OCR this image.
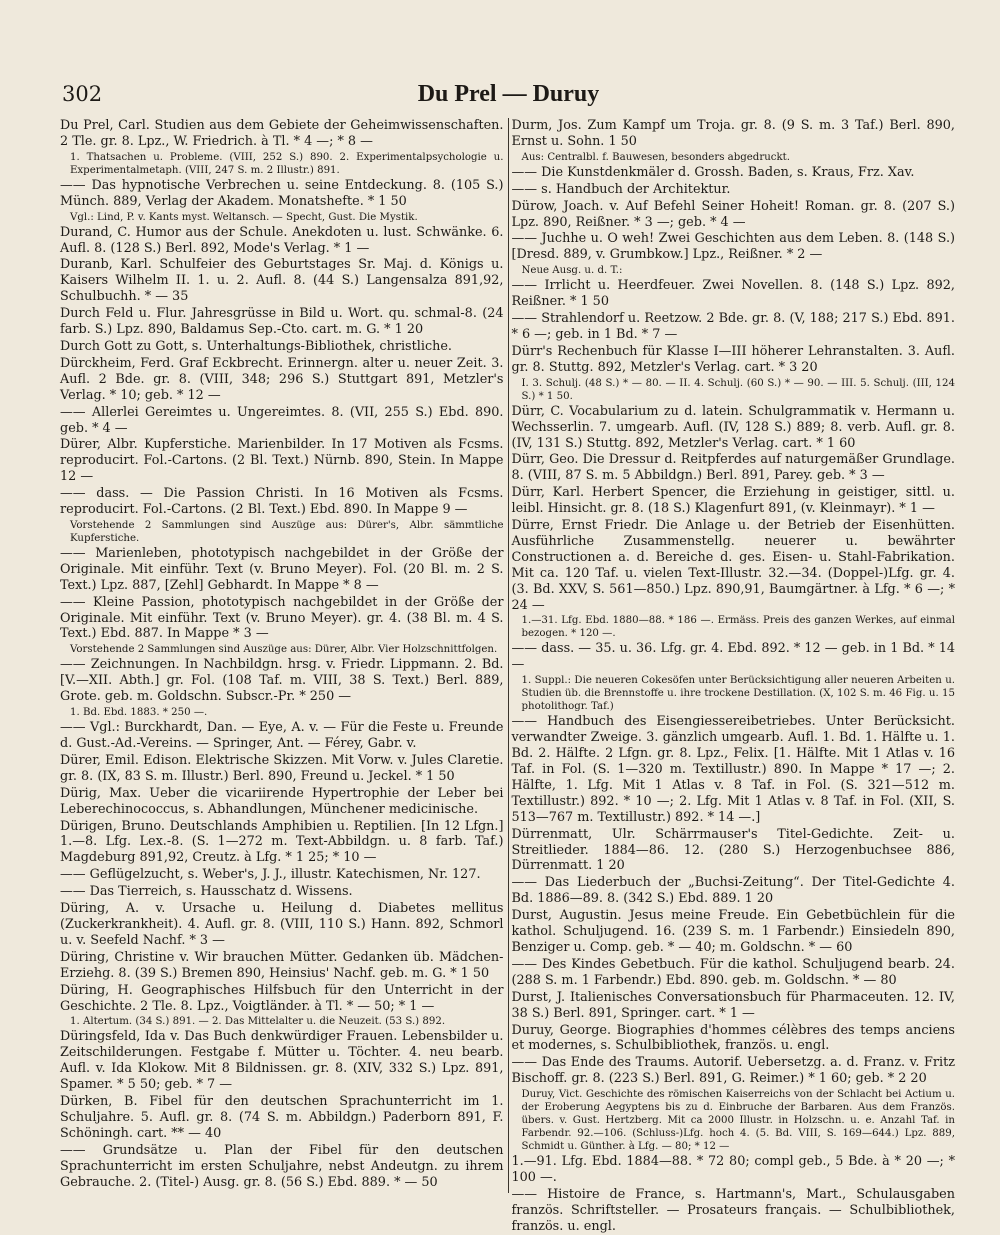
302	Du Prel — Duruy

Du Prel, Carl. Studien aus dem Gebiete der Geheimwissenschaften. 2 Tle. gr. 8. Lpz., W. Friedrich. à Tl. * 4 —; * 8 —

1. Thatsachen u. Probleme. (VIII, 252 S.) 890. 2. Experimentalpsychologie u. Experimentalmetaph. (VIII, 247 S. m. 2 Illustr.) 891.

—— Das hypnotische Verbrechen u. seine Entdeckung. 8. (105 S.) Münch. 889, Verlag der Akadem. Monatshefte. * 1 50

Vgl.: Lind, P. v. Kants myst. Weltansch. — Specht, Gust. Die Mystik.

Durand, C. Humor aus der Schule. Anekdoten u. lust. Schwänke. 6. Aufl. 8. (128 S.) Berl. 892, Mode's Verlag. * 1 —

Duranb, Karl. Schulfeier des Geburtstages Sr. Maj. d. Königs u. Kaisers Wilhelm II. 1. u. 2. Aufl. 8. (44 S.) Langensalza 891,92, Schulbuchh. * — 35

Durch Feld u. Flur. Jahresgrüsse in Bild u. Wort. qu. schmal-8. (24 farb. S.) Lpz. 890, Baldamus Sep.-Cto. cart. m. G. * 1 20

Durch Gott zu Gott, s. Unterhaltungs-Bibliothek, christliche.

Dürckheim, Ferd. Graf Eckbrecht. Erinnergn. alter u. neuer Zeit. 3. Aufl. 2 Bde. gr. 8. (VIII, 348; 296 S.) Stuttgart 891, Metzler's Verlag. * 10; geb. * 12 —

—— Allerlei Gereimtes u. Ungereimtes. 8. (VII, 255 S.) Ebd. 890. geb. * 4 —

Dürer, Albr. Kupferstiche. Marienbilder. In 17 Motiven als Fcsms. reproducirt. Fol.-Cartons. (2 Bl. Text.) Nürnb. 890, Stein. In Mappe 12 —

—— dass. — Die Passion Christi. In 16 Motiven als Fcsms. reproducirt. Fol.-Cartons. (2 Bl. Text.) Ebd. 890. In Mappe 9 —

Vorstehende 2 Sammlungen sind Auszüge aus: Dürer's, Albr. sämmtliche Kupferstiche.

—— Marienleben, phototypisch nachgebildet in der Größe der Originale. Mit einführ. Text (v. Bruno Meyer). Fol. (20 Bl. m. 2 S. Text.) Lpz. 887, [Zehl] Gebhardt. In Mappe * 8 —

—— Kleine Passion, phototypisch nachgebildet in der Größe der Originale. Mit einführ. Text (v. Bruno Meyer). gr. 4. (38 Bl. m. 4 S. Text.) Ebd. 887. In Mappe * 3 —

Vorstehende 2 Sammlungen sind Auszüge aus: Dürer, Albr. Vier Holzschnittfolgen.

—— Zeichnungen. In Nachbildgn. hrsg. v. Friedr. Lippmann. 2. Bd. [V.—XII. Abth.] gr. Fol. (108 Taf. m. VIII, 38 S. Text.) Berl. 889, Grote. geb. m. Goldschn. Subscr.-Pr. * 250 —

1. Bd. Ebd. 1883. * 250 —.

—— Vgl.: Burckhardt, Dan. — Eye, A. v. — Für die Feste u. Freunde d. Gust.-Ad.-Vereins. — Springer, Ant. — Férey, Gabr. v.

Dürer, Emil. Edison. Elektrische Skizzen. Mit Vorw. v. Jules Claretie. gr. 8. (IX, 83 S. m. Illustr.) Berl. 890, Freund u. Jeckel. * 1 50

Dürig, Max. Ueber die vicariirende Hypertrophie der Leber bei Leberechinococcus, s. Abhandlungen, Münchener medicinische.

Dürigen, Bruno. Deutschlands Amphibien u. Reptilien. [In 12 Lfgn.] 1.—8. Lfg. Lex.-8. (S. 1—272 m. Text-Abbildgn. u. 8 farb. Taf.) Magdeburg 891,92, Creutz. à Lfg. * 1 25; * 10 —

—— Geflügelzucht, s. Weber's, J. J., illustr. Katechismen, Nr. 127.

—— Das Tierreich, s. Hausschatz d. Wissens.

Düring, A. v. Ursache u. Heilung d. Diabetes mellitus (Zuckerkrankheit). 4. Aufl. gr. 8. (VIII, 110 S.) Hann. 892, Schmorl u. v. Seefeld Nachf. * 3 —

Düring, Christine v. Wir brauchen Mütter. Gedanken üb. Mädchen-Erziehg. 8. (39 S.) Bremen 890, Heinsius' Nachf. geb. m. G. * 1 50

Düring, H. Geographisches Hilfsbuch für den Unterricht in der Geschichte. 2 Tle. 8. Lpz., Voigtländer. à Tl. * — 50; * 1 —

1. Altertum. (34 S.) 891. — 2. Das Mittelalter u. die Neuzeit. (53 S.) 892.

Düringsfeld, Ida v. Das Buch denkwürdiger Frauen. Lebensbilder u. Zeitschilderungen. Festgabe f. Mütter u. Töchter. 4. neu bearb. Aufl. v. Ida Klokow. Mit 8 Bildnissen. gr. 8. (XIV, 332 S.) Lpz. 891, Spamer. * 5 50; geb. * 7 —

Dürken, B. Fibel für den deutschen Sprachunterricht im 1. Schuljahre. 5. Aufl. gr. 8. (74 S. m. Abbildgn.) Paderborn 891, F. Schöningh. cart. ** — 40

—— Grundsätze u. Plan der Fibel für den deutschen Sprachunterricht im ersten Schuljahre, nebst Andeutgn. zu ihrem Gebrauche. 2. (Titel-) Ausg. gr. 8. (56 S.) Ebd. 889. * — 50

Durm, Jos. Zum Kampf um Troja. gr. 8. (9 S. m. 3 Taf.) Berl. 890, Ernst u. Sohn. 1 50

Aus: Centralbl. f. Bauwesen, besonders abgedruckt.

—— Die Kunstdenkmäler d. Grossh. Baden, s. Kraus, Frz. Xav.

—— s. Handbuch der Architektur.

Dürow, Joach. v. Auf Befehl Seiner Hoheit! Roman. gr. 8. (207 S.) Lpz. 890, Reißner. * 3 —; geb. * 4 —

—— Juchhe u. O weh! Zwei Geschichten aus dem Leben. 8. (148 S.) [Dresd. 889, v. Grumbkow.] Lpz., Reißner. * 2 —

Neue Ausg. u. d. T.:

—— Irrlicht u. Heerdfeuer. Zwei Novellen. 8. (148 S.) Lpz. 892, Reißner. * 1 50

—— Strahlendorf u. Reetzow. 2 Bde. gr. 8. (V, 188; 217 S.) Ebd. 891. * 6 —; geb. in 1 Bd. * 7 —

Dürr's Rechenbuch für Klasse I—III höherer Lehranstalten. 3. Aufl. gr. 8. Stuttg. 892, Metzler's Verlag. cart. * 3 20

I. 3. Schulj. (48 S.) * — 80. — II. 4. Schulj. (60 S.) * — 90. — III. 5. Schulj. (III, 124 S.) * 1 50.

Dürr, C. Vocabularium zu d. latein. Schulgrammatik v. Hermann u. Wechsserlin. 7. umgearb. Aufl. (IV, 128 S.) 889; 8. verb. Aufl. gr. 8. (IV, 131 S.) Stuttg. 892, Metzler's Verlag. cart. * 1 60

Dürr, Geo. Die Dressur d. Reitpferdes auf naturgemäßer Grundlage. 8. (VIII, 87 S. m. 5 Abbildgn.) Berl. 891, Parey. geb. * 3 —

Dürr, Karl. Herbert Spencer, die Erziehung in geistiger, sittl. u. leibl. Hinsicht. gr. 8. (18 S.) Klagenfurt 891, (v. Kleinmayr). * 1 —

Dürre, Ernst Friedr. Die Anlage u. der Betrieb der Eisenhütten. Ausführliche Zusammenstellg. neuerer u. bewährter Constructionen a. d. Bereiche d. ges. Eisen- u. Stahl-Fabrikation. Mit ca. 120 Taf. u. vielen Text-Illustr. 32.—34. (Doppel-)Lfg. gr. 4. (3. Bd. XXV, S. 561—850.) Lpz. 890,91, Baumgärtner. à Lfg. * 6 —; * 24 —

1.—31. Lfg. Ebd. 1880—88. * 186 —. Ermäss. Preis des ganzen Werkes, auf einmal bezogen. * 120 —.

—— dass. — 35. u. 36. Lfg. gr. 4. Ebd. 892. * 12 — geb. in 1 Bd. * 14 —

1. Suppl.: Die neueren Cokesöfen unter Berücksichtigung aller neueren Arbeiten u. Studien üb. die Brennstoffe u. ihre trockene Destillation. (X, 102 S. m. 46 Fig. u. 15 photolithogr. Taf.)

—— Handbuch des Eisengiessereibetriebes. Unter Berücksicht. verwandter Zweige. 3. gänzlich umgearb. Aufl. 1. Bd. 1. Hälfte u. 1. Bd. 2. Hälfte. 2 Lfgn. gr. 8. Lpz., Felix. [1. Hälfte. Mit 1 Atlas v. 16 Taf. in Fol. (S. 1—320 m. Textillustr.) 890. In Mappe * 17 —; 2. Hälfte, 1. Lfg. Mit 1 Atlas v. 8 Taf. in Fol. (S. 321—512 m. Textillustr.) 892. * 10 —; 2. Lfg. Mit 1 Atlas v. 8 Taf. in Fol. (XII, S. 513—767 m. Textillustr.) 892. * 14 —.]

Dürrenmatt, Ulr. Schärrmauser's Titel-Gedichte. Zeit- u. Streitlieder. 1884—86. 12. (280 S.) Herzogenbuchsee 886, Dürrenmatt. 1 20

—— Das Liederbuch der „Buchsi-Zeitung“. Der Titel-Gedichte 4. Bd. 1886—89. 8. (342 S.) Ebd. 889. 1 20

Durst, Augustin. Jesus meine Freude. Ein Gebetbüchlein für die kathol. Schuljugend. 16. (239 S. m. 1 Farbendr.) Einsiedeln 890, Benziger u. Comp. geb. * — 40; m. Goldschn. * — 60

—— Des Kindes Gebetbuch. Für die kathol. Schuljugend bearb. 24. (288 S. m. 1 Farbendr.) Ebd. 890. geb. m. Goldschn. * — 80

Durst, J. Italienisches Conversationsbuch für Pharmaceuten. 12. IV, 38 S.) Berl. 891, Springer. cart. * 1 —

Duruy, George. Biographies d'hommes célèbres des temps anciens et modernes, s. Schulbibliothek, französ. u. engl.

—— Das Ende des Traums. Autorif. Uebersetzg. a. d. Franz. v. Fritz Bischoff. gr. 8. (223 S.) Berl. 891, G. Reimer.) * 1 60; geb. * 2 20

Duruy, Vict. Geschichte des römischen Kaiserreichs von der Schlacht bei Actium u. der Eroberung Aegyptens bis zu d. Einbruche der Barbaren. Aus dem Französ. übers. v. Gust. Hertzberg. Mit ca 2000 Illustr. in Holzschn. u. e. Anzahl Taf. in Farbendr. 92.—106. (Schluss-)Lfg. hoch 4. (5. Bd. VIII, S. 169—644.) Lpz. 889, Schmidt u. Günther. à Lfg. — 80; * 12 —

1.—91. Lfg. Ebd. 1884—88. * 72 80; compl geb., 5 Bde. à * 20 —; * 100 —.

—— Histoire de France, s. Hartmann's, Mart., Schulausgaben französ. Schriftsteller. — Prosateurs français. — Schulbibliothek, französ. u. engl.
